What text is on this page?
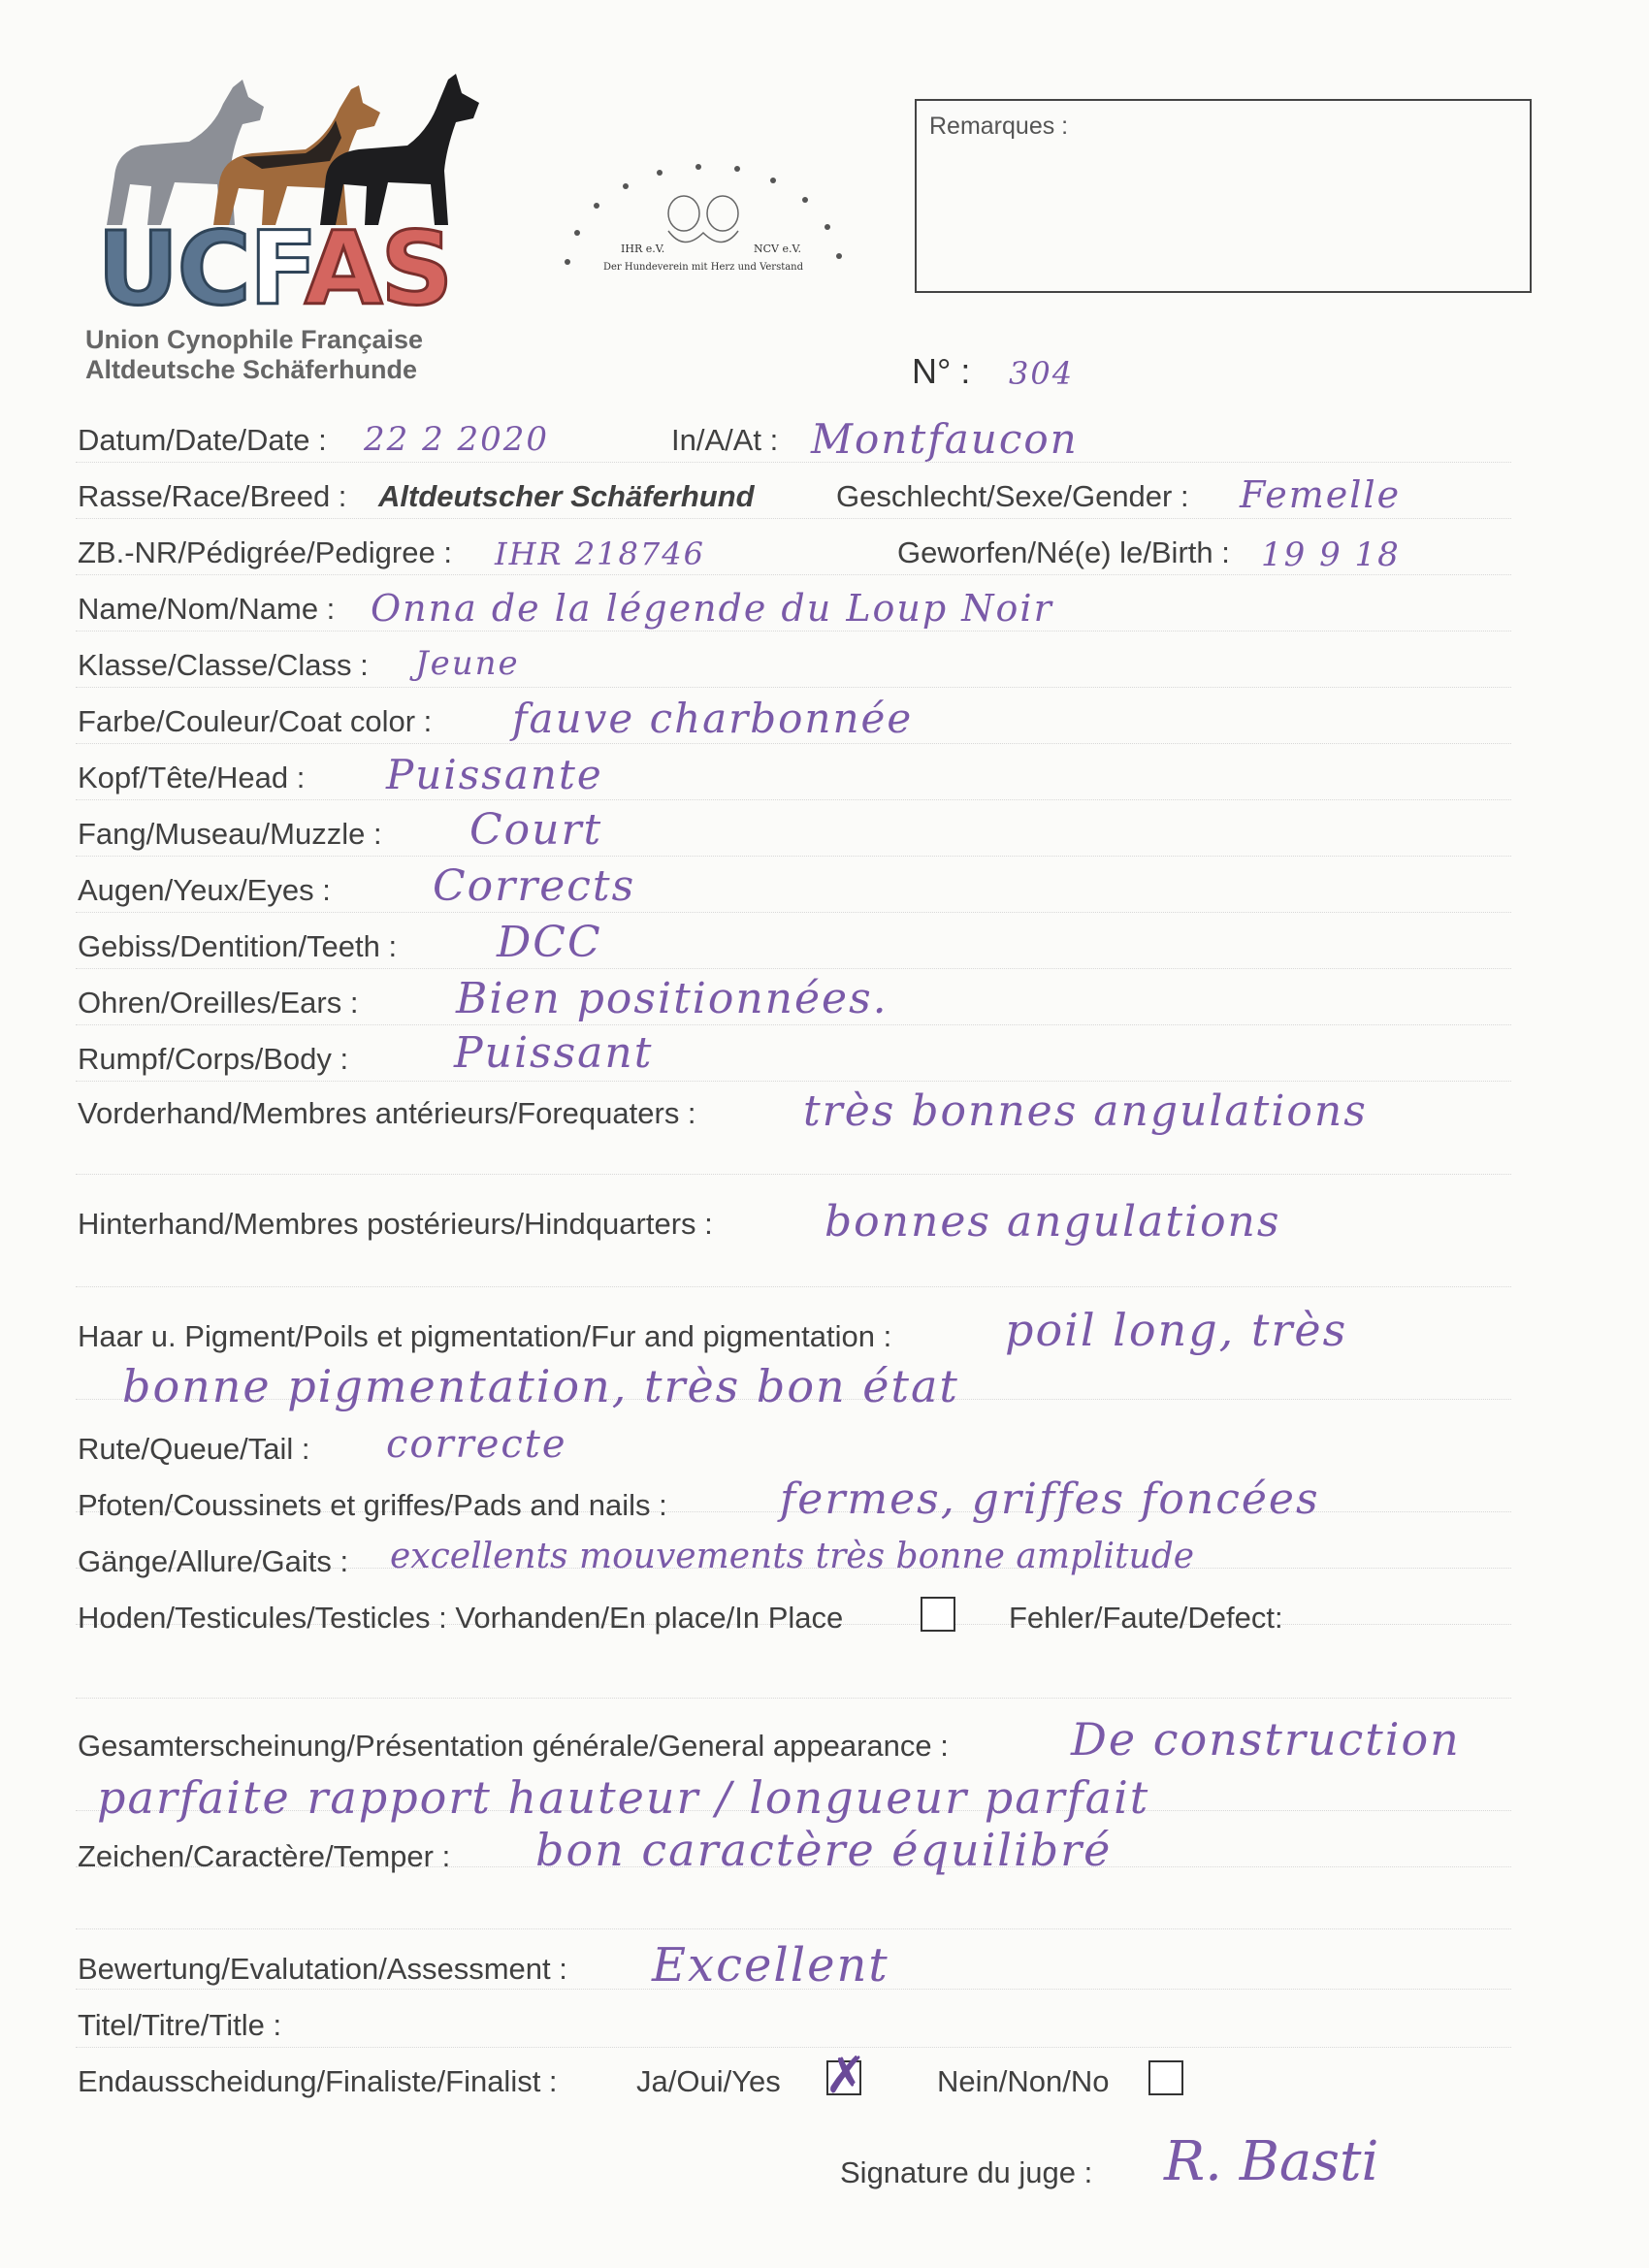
UCFAS
Union Cynophile Française
Altdeutsche Schäferhunde
IHR e.V.	NCV e.V.
Der Hundeverein mit Herz und Verstand
Remarques :
N° : 304
Datum/Date/Date : 22 2 2020	In/A/At : Montfaucon
Rasse/Race/Breed : Altdeutscher Schäferhund	Geschlecht/Sexe/Gender : Femelle
ZB.-NR/Pédigrée/Pedigree : IHR 218746	Geworfen/Né(e) le/Birth : 19 9 18
Name/Nom/Name : Onna de la légende du Loup Noir
Klasse/Classe/Class : Jeune
Farbe/Couleur/Coat color : fauve charbonnée
Kopf/Tête/Head : Puissante
Fang/Museau/Muzzle : Court
Augen/Yeux/Eyes : Corrects
Gebiss/Dentition/Teeth : DCC
Ohren/Oreilles/Ears : Bien positionnées.
Rumpf/Corps/Body : Puissant
Vorderhand/Membres antérieurs/Forequaters :	très bonnes angulations
Hinterhand/Membres postérieurs/Hindquarters :	bonnes angulations
Haar u. Pigment/Poils et pigmentation/Fur and pigmentation :	poil long, très
bonne pigmentation, très bon état
Rute/Queue/Tail : correcte
Pfoten/Coussinets et griffes/Pads and nails :	fermes, griffes foncées
Gänge/Allure/Gaits : excellents mouvements très bonne amplitude
Hoden/Testicules/Testicles : Vorhanden/En place/In Place	Fehler/Faute/Defect:
Gesamterscheinung/Présentation générale/General appearance :	De construction
parfaite rapport hauteur / longueur parfait
Zeichen/Caractère/Temper : bon caractère équilibré
Bewertung/Evalutation/Assessment : Excellent
Titel/Titre/Title :
Endausscheidung/Finaliste/Finalist :	Ja/Oui/Yes ✗ Nein/Non/No
Signature du juge : R. Basti
